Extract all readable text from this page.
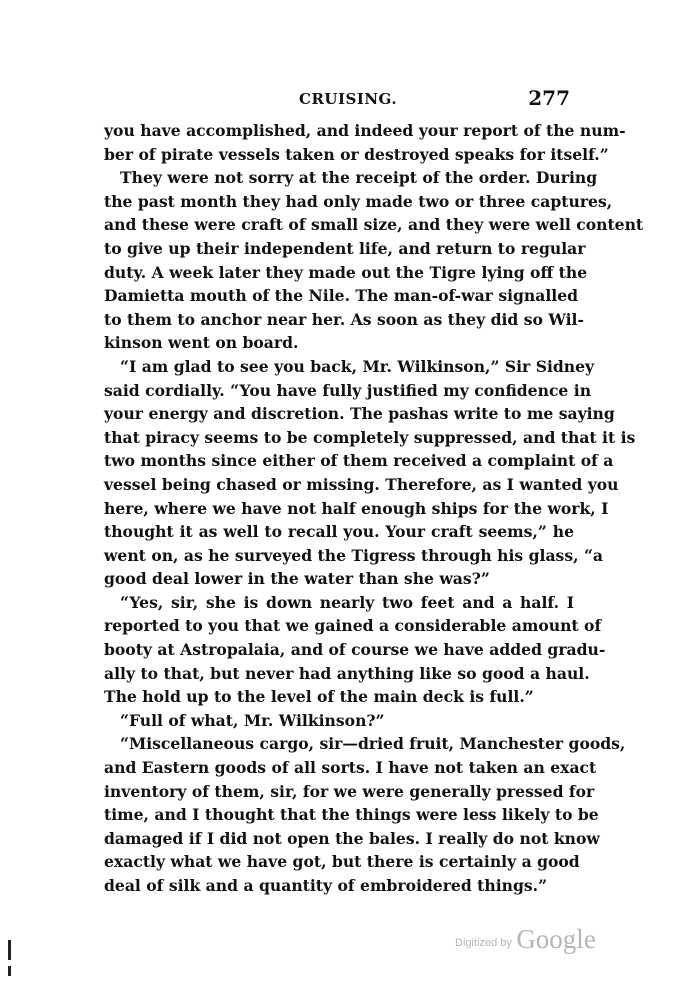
CRUISING.	277
you have accomplished, and indeed your report of the num-
ber of pirate vessels taken or destroyed speaks for itself.”
They were not sorry at the receipt of the order. During
the past month they had only made two or three captures,
and these were craft of small size, and they were well content
to give up their independent life, and return to regular
duty. A week later they made out the Tigre lying off the
Damietta mouth of the Nile. The man-of-war signalled
to them to anchor near her. As soon as they did so Wil-
kinson went on board.
“I am glad to see you back, Mr. Wilkinson,” Sir Sidney
said cordially. “You have fully justified my confidence in
your energy and discretion. The pashas write to me saying
that piracy seems to be completely suppressed, and that it is
two months since either of them received a complaint of a
vessel being chased or missing. Therefore, as I wanted you
here, where we have not half enough ships for the work, I
thought it as well to recall you. Your craft seems,” he
went on, as he surveyed the Tigress through his glass, “a
good deal lower in the water than she was?”
“Yes, sir, she is down nearly two feet and a half. I
reported to you that we gained a considerable amount of
booty at Astropalaia, and of course we have added gradu-
ally to that, but never had anything like so good a haul.
The hold up to the level of the main deck is full.”
“Full of what, Mr. Wilkinson?”
“Miscellaneous cargo, sir—dried fruit, Manchester goods,
and Eastern goods of all sorts. I have not taken an exact
inventory of them, sir, for we were generally pressed for
time, and I thought that the things were less likely to be
damaged if I did not open the bales. I really do not know
exactly what we have got, but there is certainly a good
deal of silk and a quantity of embroidered things.”
Digitized by Google
